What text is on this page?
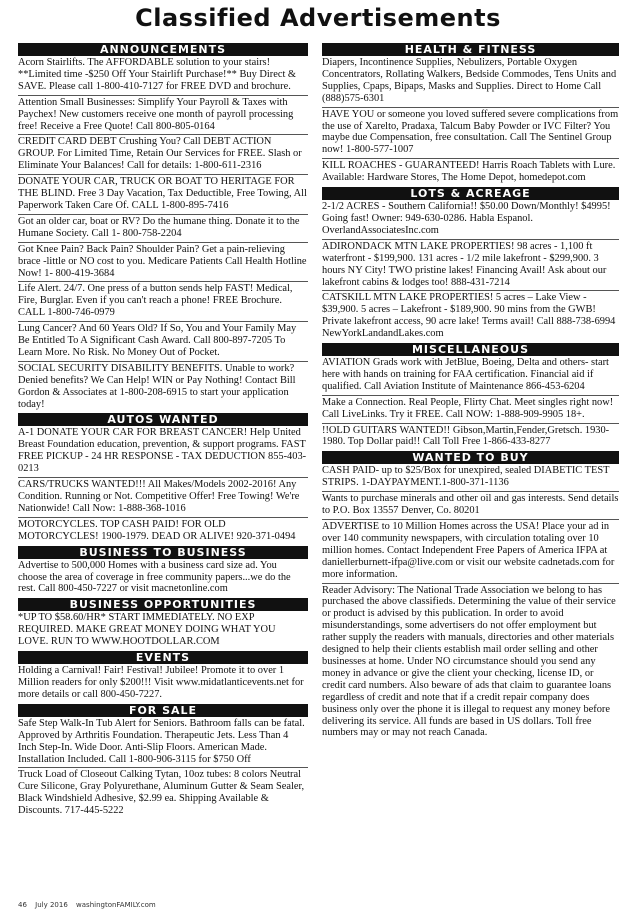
Classified Advertisements
ANNOUNCEMENTS
Acorn Stairlifts. The AFFORDABLE solution to your stairs! **Limited time -$250 Off Your Stairlift Purchase!** Buy Direct & SAVE. Please call 1-800-410-7127 for FREE DVD and brochure.
Attention Small Businesses: Simplify Your Payroll & Taxes with Paychex! New customers receive one month of payroll processing free! Receive a Free Quote! Call 800-805-0164
CREDIT CARD DEBT Crushing You? Call DEBT ACTION GROUP. For Limited Time, Retain Our Services for FREE. Slash or Eliminate Your Balances! Call for details: 1-800-611-2316
DONATE YOUR CAR, TRUCK OR BOAT TO HERITAGE FOR THE BLIND. Free 3 Day Vacation, Tax Deductible, Free Towing, All Paperwork Taken Care Of. CALL 1-800-895-7416
Got an older car, boat or RV? Do the humane thing. Donate it to the Humane Society. Call 1- 800-758-2204
Got Knee Pain? Back Pain? Shoulder Pain? Get a pain-relieving brace -little or NO cost to you. Medicare Patients Call Health Hotline Now! 1- 800-419-3684
Life Alert. 24/7. One press of a button sends help FAST! Medical, Fire, Burglar. Even if you can't reach a phone! FREE Brochure. CALL 1-800-746-0979
Lung Cancer? And 60 Years Old? If So, You and Your Family May Be Entitled To A Significant Cash Award. Call 800-897-7205 To Learn More. No Risk. No Money Out of Pocket.
SOCIAL SECURITY DISABILITY BENEFITS. Unable to work? Denied benefits? We Can Help! WIN or Pay Nothing! Contact Bill Gordon & Associates at 1-800-208-6915 to start your application today!
AUTOS WANTED
A-1 DONATE YOUR CAR FOR BREAST CANCER! Help United Breast Foundation education, prevention, & support programs. FAST FREE PICKUP - 24 HR RESPONSE - TAX DEDUCTION 855-403-0213
CARS/TRUCKS WANTED!!! All Makes/Models 2002-2016! Any Condition. Running or Not. Competitive Offer! Free Towing! We're Nationwide! Call Now: 1-888-368-1016
MOTORCYCLES. TOP CASH PAID! FOR OLD MOTORCYCLES! 1900-1979. DEAD OR ALIVE! 920-371-0494
BUSINESS TO BUSINESS
Advertise to 500,000 Homes with a business card size ad. You choose the area of coverage in free community papers...we do the rest. Call 800-450-7227 or visit macnetonline.com
BUSINESS OPPORTUNITIES
*UP TO $58.60/HR* START IMMEDIATELY. NO EXP REQUIRED. MAKE GREAT MONEY DOING WHAT YOU LOVE. RUN TO WWW.HOOTDOLLAR.COM
EVENTS
Holding a Carnival! Fair! Festival! Jubilee! Promote it to over 1 Million readers for only $200!!! Visit www.midatlanticevents.net for more details or call 800-450-7227.
FOR SALE
Safe Step Walk-In Tub Alert for Seniors. Bathroom falls can be fatal. Approved by Arthritis Foundation. Therapeutic Jets. Less Than 4 Inch Step-In. Wide Door. Anti-Slip Floors. American Made. Installation Included. Call 1-800-906-3115 for $750 Off
Truck Load of Closeout Calking Tytan, 10oz tubes: 8 colors Neutral Cure Silicone, Gray Polyurethane, Aluminum Gutter & Seam Sealer, Black Windshield Adhesive, $2.99 ea. Shipping Available & Discounts. 717-445-5222
HEALTH & FITNESS
Diapers, Incontinence Supplies, Nebulizers, Portable Oxygen Concentrators, Rollating Walkers, Bedside Commodes, Tens Units and Supplies, Cpaps, Bipaps, Masks and Supplies. Direct to Home Call (888)575-6301
HAVE YOU or someone you loved suffered severe complications from the use of Xarelto, Pradaxa, Talcum Baby Powder or IVC Filter? You maybe due Compensation, free consultation. Call The Sentinel Group now! 1-800-577-1007
KILL ROACHES - GUARANTEED! Harris Roach Tablets with Lure. Available: Hardware Stores, The Home Depot, homedepot.com
LOTS & ACREAGE
2-1/2 ACRES - Southern California!! $50.00 Down/Monthly! $4995! Going fast! Owner: 949-630-0286. Habla Espanol. OverlandAssociatesInc.com
ADIRONDACK MTN LAKE PROPERTIES! 98 acres - 1,100 ft waterfront - $199,900. 131 acres - 1/2 mile lakefront - $299,900. 3 hours NY City! TWO pristine lakes! Financing Avail! Ask about our lakefront cabins & lodges too! 888-431-7214
CATSKILL MTN LAKE PROPERTIES! 5 acres – Lake View - $39,900. 5 acres – Lakefront - $189,900. 90 mins from the GWB! Private lakefront access, 90 acre lake! Terms avail! Call 888-738-6994 NewYorkLandandLakes.com
MISCELLANEOUS
AVIATION Grads work with JetBlue, Boeing, Delta and others- start here with hands on training for FAA certification. Financial aid if qualified. Call Aviation Institute of Maintenance 866-453-6204
Make a Connection. Real People, Flirty Chat. Meet singles right now! Call LiveLinks. Try it FREE. Call NOW: 1-888-909-9905 18+.
!!OLD GUITARS WANTED!! Gibson,Martin,Fender,Gretsch. 1930-1980. Top Dollar paid!! Call Toll Free 1-866-433-8277
WANTED TO BUY
CASH PAID- up to $25/Box for unexpired, sealed DIABETIC TEST STRIPS. 1-DAYPAYMENT.1-800-371-1136
Wants to purchase minerals and other oil and gas interests. Send details to P.O. Box 13557 Denver, Co. 80201
ADVERTISE to 10 Million Homes across the USA! Place your ad in over 140 community newspapers, with circulation totaling over 10 million homes. Contact Independent Free Papers of America IFPA at daniellerburnett-ifpa@live.com or visit our website cadnetads.com for more information.
Reader Advisory: The National Trade Association we belong to has purchased the above classifieds. Determining the value of their service or product is advised by this publication. In order to avoid misunderstandings, some advertisers do not offer employment but rather supply the readers with manuals, directories and other materials designed to help their clients establish mail order selling and other businesses at home. Under NO circumstance should you send any money in advance or give the client your checking, license ID, or credit card numbers. Also beware of ads that claim to guarantee loans regardless of credit and note that if a credit repair company does business only over the phone it is illegal to request any money before delivering its service. All funds are based in US dollars. Toll free numbers may or may not reach Canada.
46 July 2016 washingtonFAMILY.com
